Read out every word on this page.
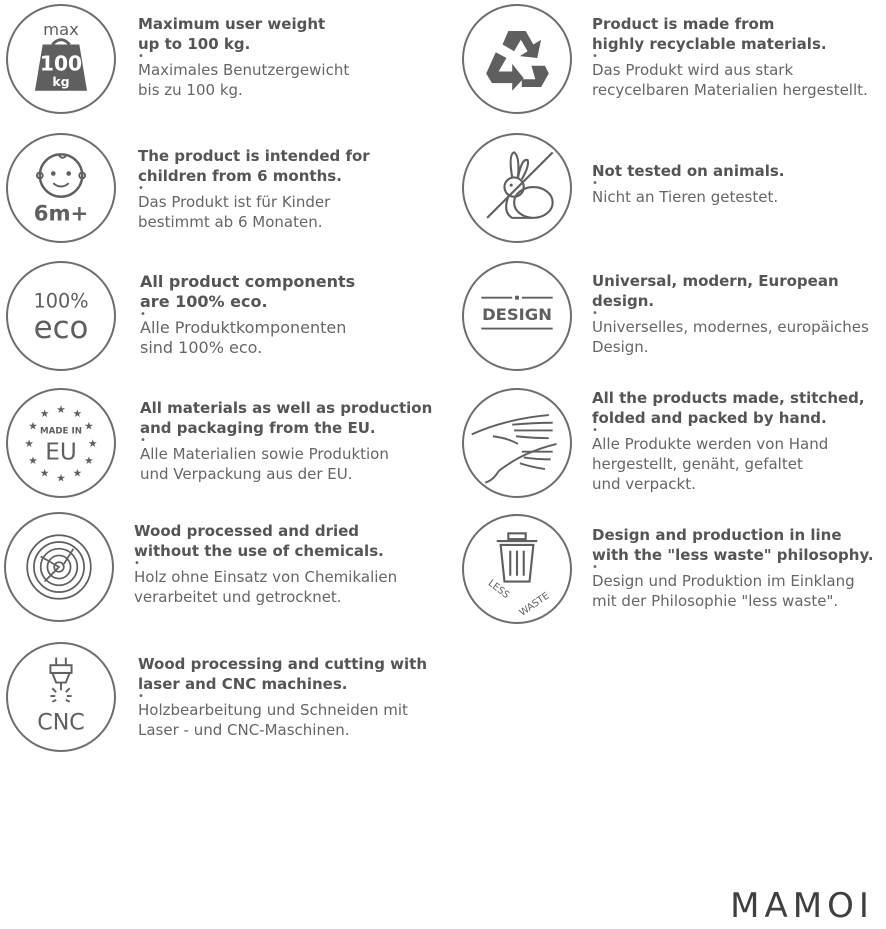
max
100
kg

Maximum user weight
up to 100 kg.

•

Maximales Benutzergewicht
bis zu 100 kg.

Product is made from
highly recyclable materials.

•

Das Produkt wird aus stark
recycelbaren Materialien hergestellt.

6m+

The product is intended for
children from 6 months.

•

Das Produkt ist für Kinder
bestimmt ab 6 Monaten.

Not tested on animals.

•

Nicht an Tieren getestet.

100%
eco

All product components
are 100% eco.

•

Alle Produktkomponenten
sind 100% eco.

DESIGN

Universal, modern, European
design.

•

Universelles, modernes, europäiches
Design.

★ ★
★
★
★
★
★
★
★
★
★ ★
MADE IN
EU

All materials as well as production
and packaging from the EU.

•

Alle Materialien sowie Produktion
und Verpackung aus der EU.

All the products made, stitched,
folded and packed by hand.

•

Alle Produkte werden von Hand
hergestellt, genäht, gefaltet
und verpackt.

Wood processed and dried
without the use of chemicals.

•

Holz ohne Einsatz von Chemikalien
verarbeitet und getrocknet.	LESS
WASTE

Design and production in line
with the "less waste" philosophy.

•

Design und Produktion im Einklang
mit der Philosophie "less waste".

CNC

Wood processing and cutting with
laser and CNC machines.

•

Holzbearbeitung und Schneiden mit
Laser - und CNC-Maschinen.

MAMOI
